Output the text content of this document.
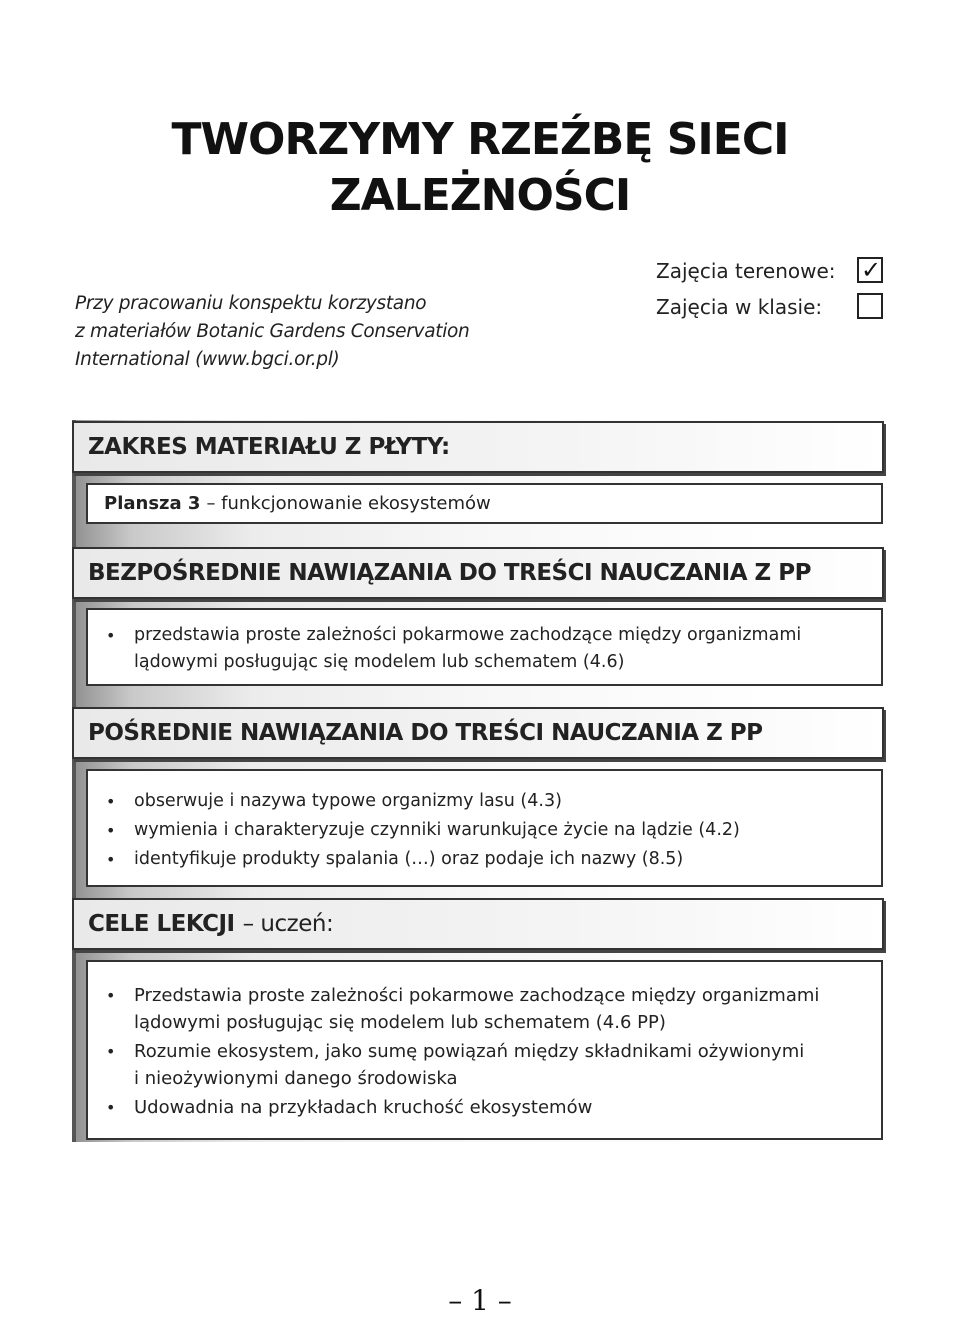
TWORZYMY RZEŹBĘ SIECI
ZALEŻNOŚCI
Przy pracowaniu konspektu korzystano
z materiałów Botanic Gardens Conservation
International (www.bgci.or.pl)
Zajęcia terenowe: ✓
Zajęcia w klasie:
ZAKRES MATERIAŁU Z PŁYTY:
Plansza 3 – funkcjonowanie ekosystemów
BEZPOŚREDNIE NAWIĄZANIA DO TREŚCI NAUCZANIA Z PP
• przedstawia proste zależności pokarmowe zachodzące między organizmami
lądowymi posługując się modelem lub schematem (4.6)
POŚREDNIE NAWIĄZANIA DO TREŚCI NAUCZANIA Z PP
• obserwuje i nazywa typowe organizmy lasu (4.3)
• wymienia i charakteryzuje czynniki warunkujące życie na lądzie (4.2)
• identyfikuje produkty spalania (…) oraz podaje ich nazwy (8.5)
CELE LEKCJI – uczeń:
• Przedstawia proste zależności pokarmowe zachodzące między organizmami
lądowymi posługując się modelem lub schematem (4.6 PP)
• Rozumie ekosystem, jako sumę powiązań między składnikami ożywionymi
i nieożywionymi danego środowiska
• Udowadnia na przykładach kruchość ekosystemów
– 1 –
